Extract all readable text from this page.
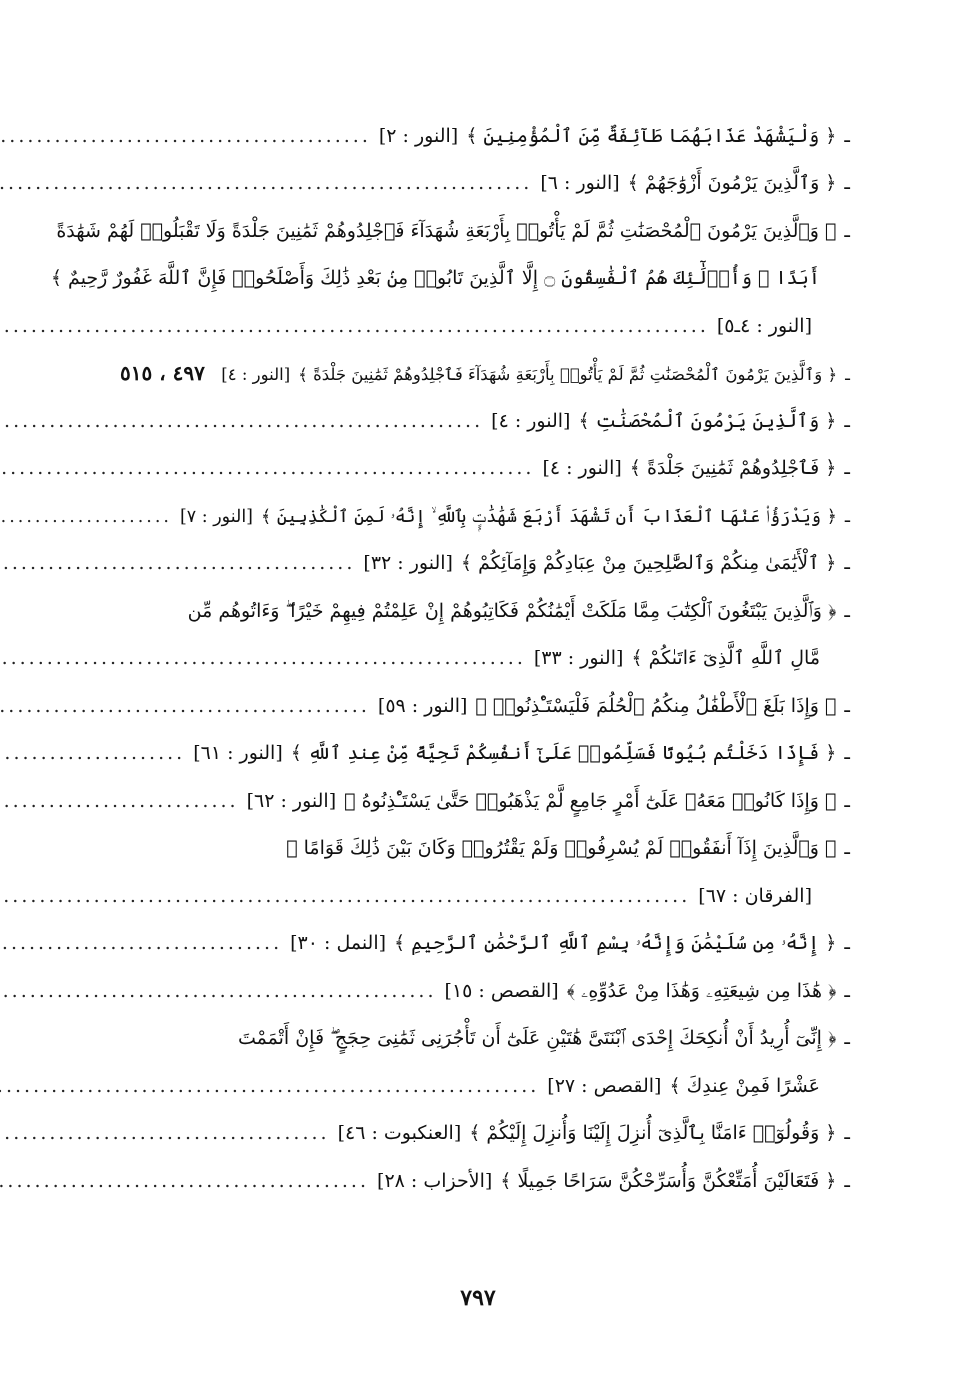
ـ
﴿ وَلْيَشْهَدْ عَذَابَهُمَا طَآئِفَةٌ مِّنَ ٱلْمُؤْمِنِينَ ﴾
[النور : ٢]
.....
ـ
﴿ وَٱلَّذِينَ يَرْمُونَ أَزْوَٰجَهُمْ ﴾
[النور : ٦]
.....
ـ
﴿ وَٱلَّذِينَ يَرْمُونَ ٱلْمُحْصَنَٰتِ ثُمَّ لَمْ يَأْتُوا۟ بِأَرْبَعَةِ شُهَدَآءَ فَٱجْلِدُوهُمْ ثَمَٰنِينَ جَلْدَةً وَلَا تَقْبَلُوا۟ لَهُمْ شَهَٰدَةً
أَبَدًا ۚ وَأُو۟لَٰٓئِكَ هُمُ ٱلْفَٰسِقُونَ ۝ إِلَّا ٱلَّذِينَ تَابُوا۟ مِنۢ بَعْدِ ذَٰلِكَ وَأَصْلَحُوا۟ فَإِنَّ ٱللَّهَ غَفُورٌ رَّحِيمٌ ﴾
[النور : ٤ـ٥]
.....
ـ
﴿ وَٱلَّذِينَ يَرْمُونَ ٱلْمُحْصَنَٰتِ ثُمَّ لَمْ يَأْتُوا۟ بِأَرْبَعَةِ شُهَدَآءَ فَٱجْلِدُوهُمْ ثَمَٰنِينَ جَلْدَةً ﴾
[النور : ٤]
.....
٤٩٧ ، ٥١٥
ـ
﴿ وَٱلَّذِينَ يَرْمُونَ ٱلْمُحْصَنَٰتِ ﴾
[النور : ٤]
.....
ـ
﴿ فَٱجْلِدُوهُمْ ثَمَٰنِينَ جَلْدَةً ﴾
[النور : ٤]
.....
ـ
﴿ وَيَدْرَؤُا۟ عَنْهَا ٱلْعَذَابَ أَن تَشْهَدَ أَرْبَعَ شَهَٰدَٰتٍۭ بِٱللَّهِ ۙ إِنَّهُۥ لَمِنَ ٱلْكَٰذِبِينَ ﴾
[النور : ٧]
.....
ـ
﴿ ٱلْأَيَٰمَىٰ مِنكُمْ وَٱلصَّٰلِحِينَ مِنْ عِبَادِكُمْ وَإِمَآئِكُمْ ﴾
[النور : ٣٢]
.....
ـ
﴿ وَٱلَّذِينَ يَبْتَغُونَ ٱلْكِتَٰبَ مِمَّا مَلَكَتْ أَيْمَٰنُكُمْ فَكَاتِبُوهُمْ إِنْ عَلِمْتُمْ فِيهِمْ خَيْرًا ۖ وَءَاتُوهُم مِّن
مَّالِ ٱللَّهِ ٱلَّذِىٓ ءَاتَىٰكُمْ ﴾
[النور : ٣٣]
.....
ـ
﴿ وَإِذَا بَلَغَ ٱلْأَطْفَٰلُ مِنكُمُ ٱلْحُلُمَ فَلْيَسْتَـْٔذِنُوا۟ ﴾
[النور : ٥٩]
.....
ـ
﴿ فَإِذَا دَخَلْتُم بُيُوتًا فَسَلِّمُوا۟ عَلَىٰٓ أَنفُسِكُمْ تَحِيَّةً مِّنْ عِندِ ٱللَّهِ ﴾
[النور : ٦١]
.....
ـ
﴿ وَإِذَا كَانُوا۟ مَعَهُۥ عَلَىٰٓ أَمْرٍ جَامِعٍ لَّمْ يَذْهَبُوا۟ حَتَّىٰ يَسْتَـْٔذِنُوهُ ﴾
[النور : ٦٢]
.....
ـ
﴿ وَٱلَّذِينَ إِذَآ أَنفَقُوا۟ لَمْ يُسْرِفُوا۟ وَلَمْ يَقْتُرُوا۟ وَكَانَ بَيْنَ ذَٰلِكَ قَوَامًا ﴾
[الفرقان : ٦٧]
.....
ـ
﴿ إِنَّهُۥ مِن سُلَيْمَٰنَ وَإِنَّهُۥ بِسْمِ ٱللَّهِ ٱلرَّحْمَٰنِ ٱلرَّحِيمِ ﴾
[النمل : ٣٠]
.....
ـ
﴿ هَٰذَا مِن شِيعَتِهِۦ وَهَٰذَا مِنْ عَدُوِّهِۦ ﴾
[القصص : ١٥]
.....
ـ
﴿ إِنِّىٓ أُرِيدُ أَنْ أُنكِحَكَ إِحْدَى ٱبْنَتَىَّ هَٰتَيْنِ عَلَىٰٓ أَن تَأْجُرَنِى ثَمَٰنِىَ حِجَجٍ ۖ فَإِنْ أَتْمَمْتَ
عَشْرًا فَمِنْ عِندِكَ ﴾
[القصص : ٢٧]
.....
ـ
﴿ وَقُولُوٓا۟ ءَامَنَّا بِٱلَّذِىٓ أُنزِلَ إِلَيْنَا وَأُنزِلَ إِلَيْكُمْ ﴾
[العنكبوت : ٤٦]
.....
ـ
﴿ فَتَعَالَيْنَ أُمَتِّعْكُنَّ وَأُسَرِّحْكُنَّ سَرَاحًا جَمِيلًا ﴾
[الأحزاب : ٢٨]
.....
٧٩٧
